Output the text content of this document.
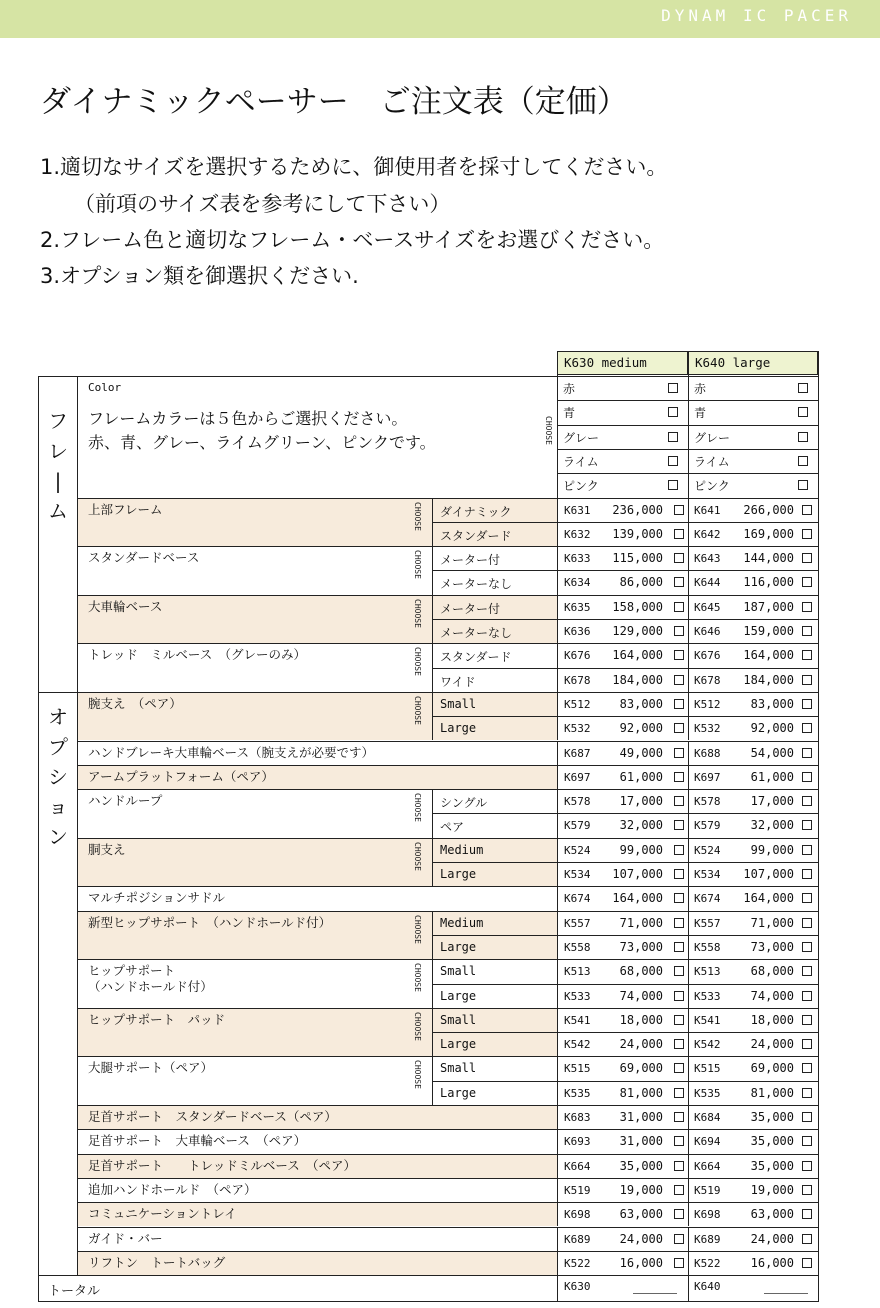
DYNAM IC PACER
ダイナミックペーサー　ご注文表（定価）
1.適切なサイズを選択するために、御使用者を採寸してください。
（前項のサイズ表を参考にして下さい）
2.フレーム色と適切なフレーム・ベースサイズをお選びください。
3.オプション類を御選択ください.
K630 medium	K640 large
Color
フレームカラーは５色からご選択ください。
赤、青、グレー、ライムグリーン、ピンクです。
赤	赤
青	青
グレー	グレー
ライム	ライム
ピンク	ピンク
CHOOSE
上部フレーム	CHOOSE ダイナミック	K631	236,000	K641	266,000
スタンダード	K632	139,000	K642	169,000
スタンダードベース	CHOOSE メーター付	K633	115,000	K643	144,000
メーターなし	K634	86,000	K644	116,000
大車輪ベース	CHOOSE メーター付	K635	158,000	K645	187,000
メーターなし	K636	129,000	K646	159,000
トレッド　ミルベース　（グレーのみ）	CHOOSE スタンダード	K676	164,000	K676	164,000
ワイド	K678	184,000	K678	184,000
腕支え　（ペア）	CHOOSE Small	K512	83,000	K512	83,000
Large	K532	92,000	K532	92,000
ハンドブレーキ大車輪ベース（腕支えが必要です）	K687	49,000	K688	54,000
アームプラットフォーム（ペア）	K697	61,000	K697	61,000
ハンドループ	CHOOSE シングル	K578	17,000	K578	17,000
ペア	K579	32,000	K579	32,000
胴支え	CHOOSE Medium	K524	99,000	K524	99,000
Large	K534	107,000	K534	107,000
マルチポジションサドル	K674	164,000	K674	164,000
新型ヒップサポート　（ハンドホールド付）	CHOOSE Medium	K557	71,000	K557	71,000
Large	K558	73,000	K558	73,000
ヒップサポート
（ハンドホールド付）	CHOOSE Small	K513	68,000	K513	68,000
Large	K533	74,000	K533	74,000
ヒップサポート　パッド	CHOOSE Small	K541	18,000	K541	18,000
Large	K542	24,000	K542	24,000
大腿サポート（ペア）	CHOOSE Small	K515	69,000	K515	69,000
Large	K535	81,000	K535	81,000
足首サポート　スタンダードベース（ペア）	K683	31,000	K684	35,000
足首サポート　大車輪ベース　（ペア）	K693	31,000	K694	35,000
足首サポート　　トレッドミルベース　（ペア）	K664	35,000	K664	35,000
追加ハンドホールド　（ペア）	K519	19,000	K519	19,000
コミュニケーショントレイ	K698	63,000	K698	63,000
ガイド・バー	K689	24,000	K689	24,000
リフトン　トートバッグ	K522	16,000	K522	16,000
フ
レ
|
ム
オ
プ
シ
ョ
ン
トータル	K630	K640
